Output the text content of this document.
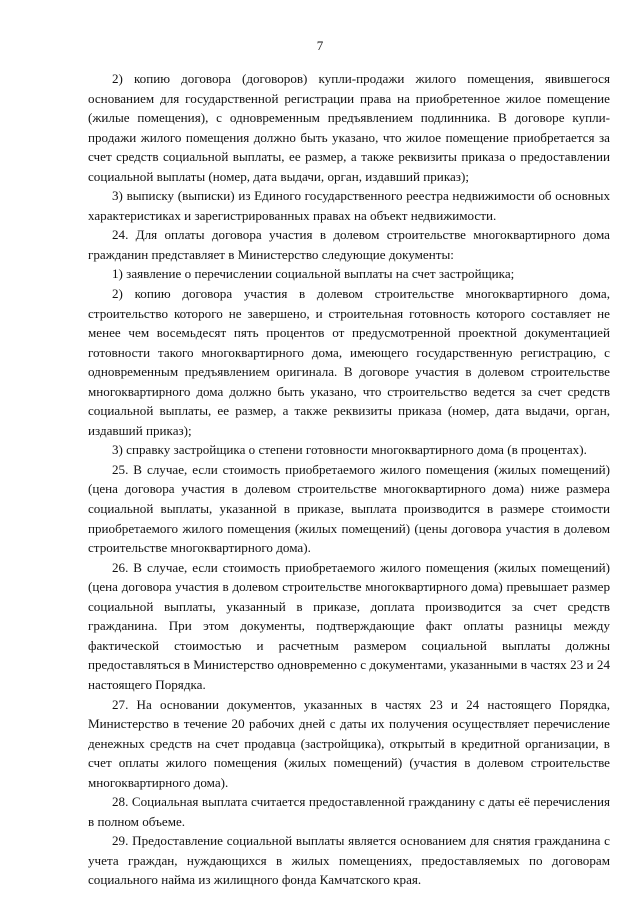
7

2) копию договора (договоров) купли-продажи жилого помещения, явившегося основанием для государственной регистрации права на приобретенное жилое помещение (жилые помещения), с одновременным предъявлением подлинника. В договоре купли-продажи жилого помещения должно быть указано, что жилое помещение приобретается за счет средств социальной выплаты, ее размер, а также реквизиты приказа о предоставлении социальной выплаты (номер, дата выдачи, орган, издавший приказ);

3) выписку (выписки) из Единого государственного реестра недвижимости об основных характеристиках и зарегистрированных правах на объект недвижимости.

24. Для оплаты договора участия в долевом строительстве многоквартирного дома гражданин представляет в Министерство следующие документы:

1) заявление о перечислении социальной выплаты на счет застройщика;

2) копию договора участия в долевом строительстве многоквартирного дома, строительство которого не завершено, и строительная готовность которого составляет не менее чем восемьдесят пять процентов от предусмотренной проектной документацией готовности такого многоквартирного дома, имеющего государственную регистрацию, с одновременным предъявлением оригинала. В договоре участия в долевом строительстве многоквартирного дома должно быть указано, что строительство ведется за счет средств социальной выплаты, ее размер, а также реквизиты приказа (номер, дата выдачи, орган, издавший приказ);

3) справку застройщика о степени готовности многоквартирного дома (в процентах).

25. В случае, если стоимость приобретаемого жилого помещения (жилых помещений) (цена договора участия в долевом строительстве многоквартирного дома) ниже размера социальной выплаты, указанной в приказе, выплата производится в размере стоимости приобретаемого жилого помещения (жилых помещений) (цены договора участия в долевом строительстве многоквартирного дома).

26. В случае, если стоимость приобретаемого жилого помещения (жилых помещений) (цена договора участия в долевом строительстве многоквартирного дома) превышает размер социальной выплаты, указанный в приказе, доплата производится за счет средств гражданина. При этом документы, подтверждающие факт оплаты разницы между фактической стоимостью и расчетным размером социальной выплаты должны предоставляться в Министерство одновременно с документами, указанными в частях 23 и 24 настоящего Порядка.

27. На основании документов, указанных в частях 23 и 24 настоящего Порядка, Министерство в течение 20 рабочих дней с даты их получения осуществляет перечисление денежных средств на счет продавца (застройщика), открытый в кредитной организации, в счет оплаты жилого помещения (жилых помещений) (участия в долевом строительстве многоквартирного дома).

28. Социальная выплата считается предоставленной гражданину с даты её перечисления в полном объеме.

29. Предоставление социальной выплаты является основанием для снятия гражданина с учета граждан, нуждающихся в жилых помещениях, предоставляемых по договорам социального найма из жилищного фонда Камчатского края.
